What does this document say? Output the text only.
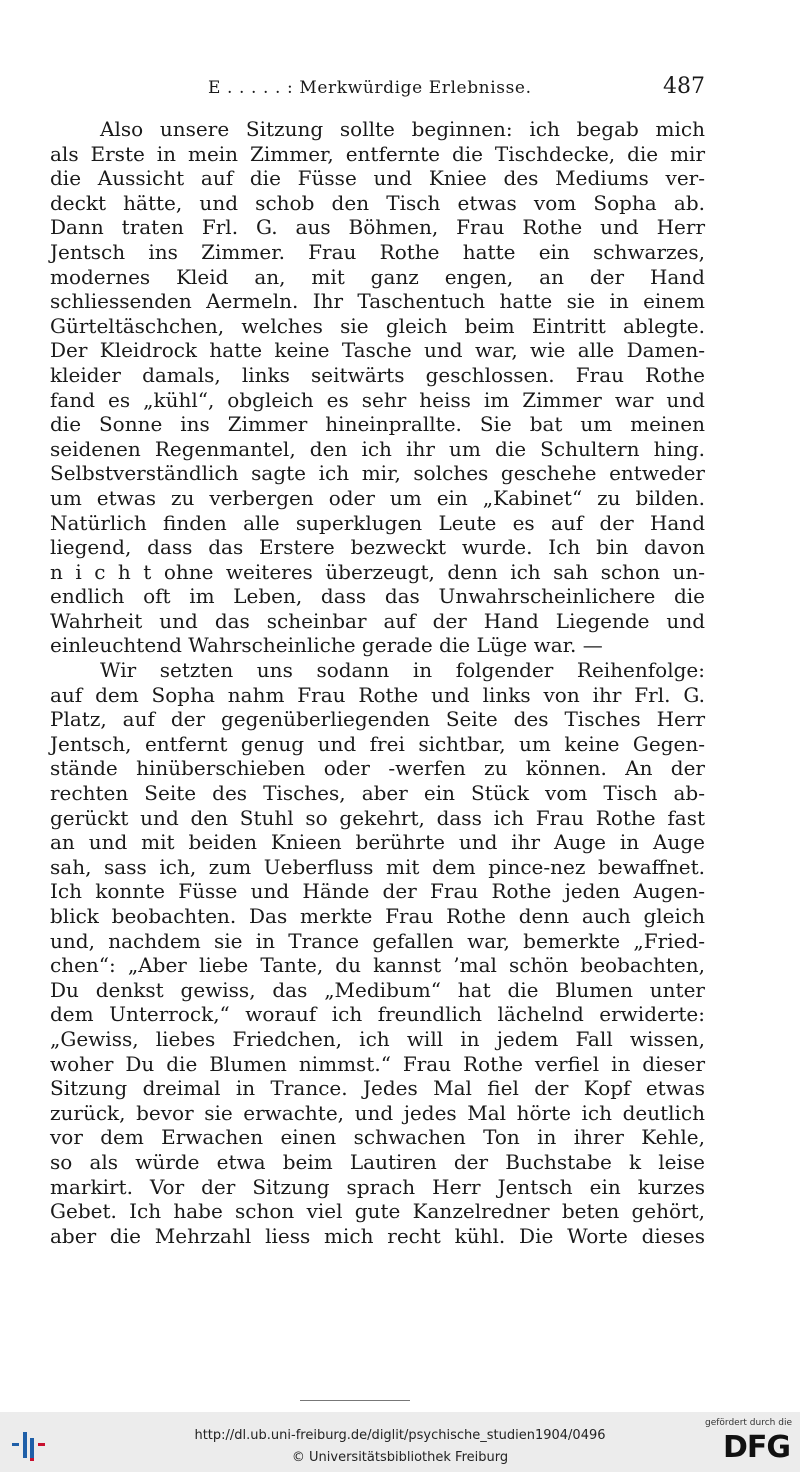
E . . . . . : Merkwürdige Erlebnisse.	487
Also unsere Sitzung sollte beginnen: ich begab mich
als Erste in mein Zimmer, entfernte die Tischdecke, die mir
die Aussicht auf die Füsse und Kniee des Mediums ver-
deckt hätte, und schob den Tisch etwas vom Sopha ab.
Dann traten Frl. G. aus Böhmen, Frau Rothe und Herr
Jentsch ins Zimmer. Frau Rothe hatte ein schwarzes,
modernes Kleid an, mit ganz engen, an der Hand
schliessenden Aermeln. Ihr Taschentuch hatte sie in einem
Gürteltäschchen, welches sie gleich beim Eintritt ablegte.
Der Kleidrock hatte keine Tasche und war, wie alle Damen-
kleider damals, links seitwärts geschlossen. Frau Rothe
fand es „kühl“, obgleich es sehr heiss im Zimmer war und
die Sonne ins Zimmer hineinprallte. Sie bat um meinen
seidenen Regenmantel, den ich ihr um die Schultern hing.
Selbstverständlich sagte ich mir, solches geschehe entweder
um etwas zu verbergen oder um ein „Kabinet“ zu bilden.
Natürlich finden alle superklugen Leute es auf der Hand
liegend, dass das Erstere bezweckt wurde. Ich bin davon
n i c h t ohne weiteres überzeugt, denn ich sah schon un-
endlich oft im Leben, dass das Unwahrscheinlichere die
Wahrheit und das scheinbar auf der Hand Liegende und
einleuchtend Wahrscheinliche gerade die Lüge war. —
Wir setzten uns sodann in folgender Reihenfolge:
auf dem Sopha nahm Frau Rothe und links von ihr Frl. G.
Platz, auf der gegenüberliegenden Seite des Tisches Herr
Jentsch, entfernt genug und frei sichtbar, um keine Gegen-
stände hinüberschieben oder -werfen zu können. An der
rechten Seite des Tisches, aber ein Stück vom Tisch ab-
gerückt und den Stuhl so gekehrt, dass ich Frau Rothe fast
an und mit beiden Knieen berührte und ihr Auge in Auge
sah, sass ich, zum Ueberfluss mit dem pince-nez bewaffnet.
Ich konnte Füsse und Hände der Frau Rothe jeden Augen-
blick beobachten. Das merkte Frau Rothe denn auch gleich
und, nachdem sie in Trance gefallen war, bemerkte „Fried-
chen“: „Aber liebe Tante, du kannst ’mal schön beobachten,
Du denkst gewiss, das „Medibum“ hat die Blumen unter
dem Unterrock,“ worauf ich freundlich lächelnd erwiderte:
„Gewiss, liebes Friedchen, ich will in jedem Fall wissen,
woher Du die Blumen nimmst.“ Frau Rothe verfiel in dieser
Sitzung dreimal in Trance. Jedes Mal fiel der Kopf etwas
zurück, bevor sie erwachte, und jedes Mal hörte ich deutlich
vor dem Erwachen einen schwachen Ton in ihrer Kehle,
so als würde etwa beim Lautiren der Buchstabe k leise
markirt. Vor der Sitzung sprach Herr Jentsch ein kurzes
Gebet. Ich habe schon viel gute Kanzelredner beten gehört,
aber die Mehrzahl liess mich recht kühl. Die Worte dieses
http://dl.ub.uni-freiburg.de/diglit/psychische_studien1904/0496
© Universitätsbibliothek Freiburg
gefördert durch die
DFG
